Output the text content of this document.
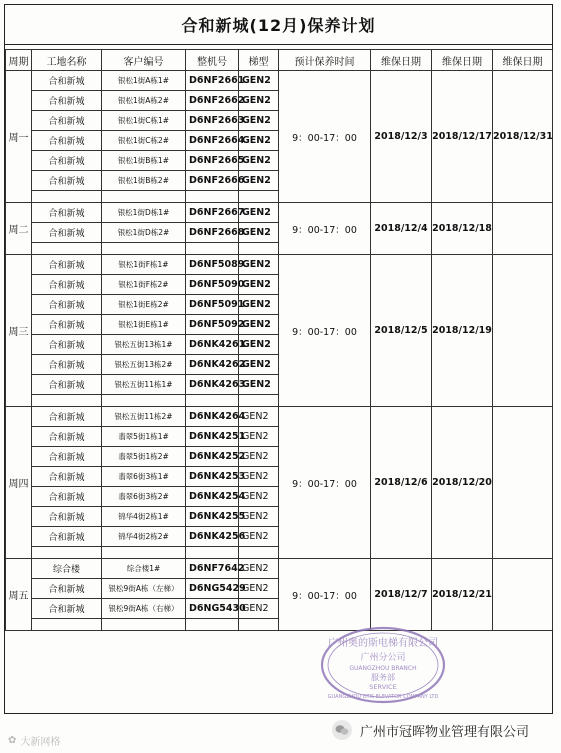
合和新城(12月)保养计划
周期	工地名称	客户编号	整机号	梯型	预计保养时间	维保日期	维保日期	维保日期
周一	合和新城	银松1街A栋1#	D6NF2661	GEN2	9：00-17：00	2018/12/3	2018/12/17	2018/12/31
	合和新城	银松1街A栋2#	D6NF2662	GEN2				
	合和新城	银松1街C栋1#	D6NF2663	GEN2				
	合和新城	银松1街C栋2#	D6NF2664	GEN2				
	合和新城	银松1街B栋1#	D6NF2665	GEN2				
	合和新城	银松1街B栋2#	D6NF2666	GEN2				

周二	合和新城	银松1街D栋1#	D6NF2667	GEN2	9：00-17：00	2018/12/4	2018/12/18	
	合和新城	银松1街D栋2#	D6NF2668	GEN2				

周三	合和新城	银松1街F栋1#	D6NF5089	GEN2	9：00-17：00	2018/12/5	2018/12/19	
	合和新城	银松1街F栋2#	D6NF5090	GEN2				
	合和新城	银松1街E栋2#	D6NF5091	GEN2				
	合和新城	银松1街E栋1#	D6NF5092	GEN2				
	合和新城	银松五街13栋1#	D6NK4261	GEN2				
	合和新城	银松五街13栋2#	D6NK4262	GEN2				
	合和新城	银松五街11栋1#	D6NK4263	GEN2				

周四	合和新城	银松五街11栋2#	D6NK4264	GEN2	9：00-17：00	2018/12/6	2018/12/20	
	合和新城	翡翠5街1栋1#	D6NK4251	GEN2				
	合和新城	翡翠5街1栋2#	D6NK4252	GEN2				
	合和新城	翡翠6街3栋1#	D6NK4253	GEN2				
	合和新城	翡翠6街3栋2#	D6NK4254	GEN2				
	合和新城	锦华4街2栋1#	D6NK4255	GEN2				
	合和新城	锦华4街2栋2#	D6NK4256	GEN2				

周五	综合楼	综合楼1#	D6NF7642	GEN2	9：00-17：00	2018/12/7	2018/12/21	
	合和新城	银松9街A栋（左梯）	D6NG5429	GEN2				
	合和新城	银松9街A栋（右梯）	D6NG5430	GEN2				

广州奥的斯电梯有限公司
广州分公司
GUANGZHOU BRANCH
服务部
SERVICE
GUANGZHOU OTIS ELEVATOR COMPANY LTD
✿ 大新网格
广州市冠晖物业管理有限公司
